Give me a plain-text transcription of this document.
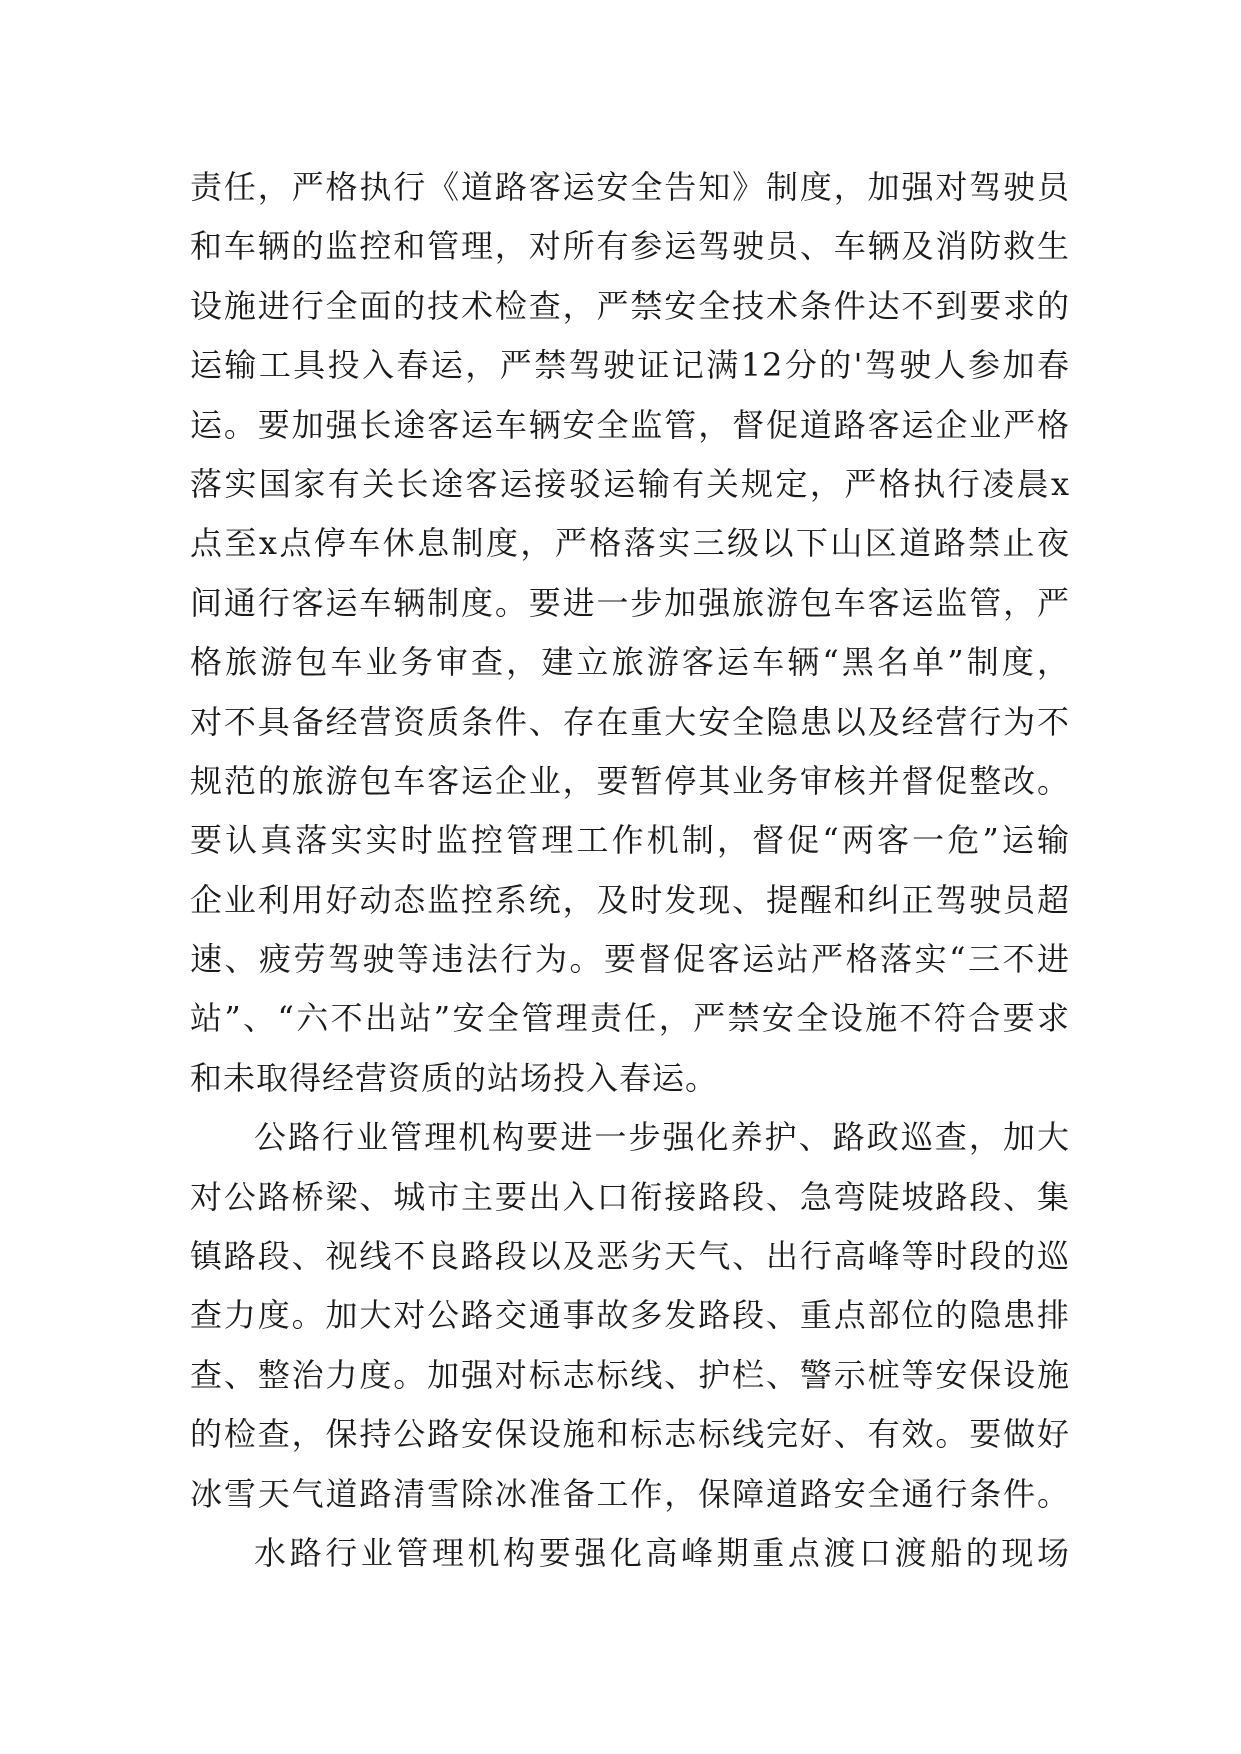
责任，严格执行《道路客运安全告知》制度，加强对驾驶员
和车辆的监控和管理，对所有参运驾驶员、车辆及消防救生
设施进行全面的技术检查，严禁安全技术条件达不到要求的
运输工具投入春运，严禁驾驶证记满12分的'驾驶人参加春
运。要加强长途客运车辆安全监管，督促道路客运企业严格
落实国家有关长途客运接驳运输有关规定，严格执行凌晨x
点至x点停车休息制度，严格落实三级以下山区道路禁止夜
间通行客运车辆制度。要进一步加强旅游包车客运监管，严
格旅游包车业务审查，建立旅游客运车辆“黑名单”制度，
对不具备经营资质条件、存在重大安全隐患以及经营行为不
规范的旅游包车客运企业，要暂停其业务审核并督促整改。
要认真落实实时监控管理工作机制，督促“两客一危”运输
企业利用好动态监控系统，及时发现、提醒和纠正驾驶员超
速、疲劳驾驶等违法行为。要督促客运站严格落实“三不进
站”、“六不出站”安全管理责任，严禁安全设施不符合要求
和未取得经营资质的站场投入春运。
公路行业管理机构要进一步强化养护、路政巡查，加大
对公路桥梁、城市主要出入口衔接路段、急弯陡坡路段、集
镇路段、视线不良路段以及恶劣天气、出行高峰等时段的巡
查力度。加大对公路交通事故多发路段、重点部位的隐患排
查、整治力度。加强对标志标线、护栏、警示桩等安保设施
的检查，保持公路安保设施和标志标线完好、有效。要做好
冰雪天气道路清雪除冰准备工作，保障道路安全通行条件。
水路行业管理机构要强化高峰期重点渡口渡船的现场
